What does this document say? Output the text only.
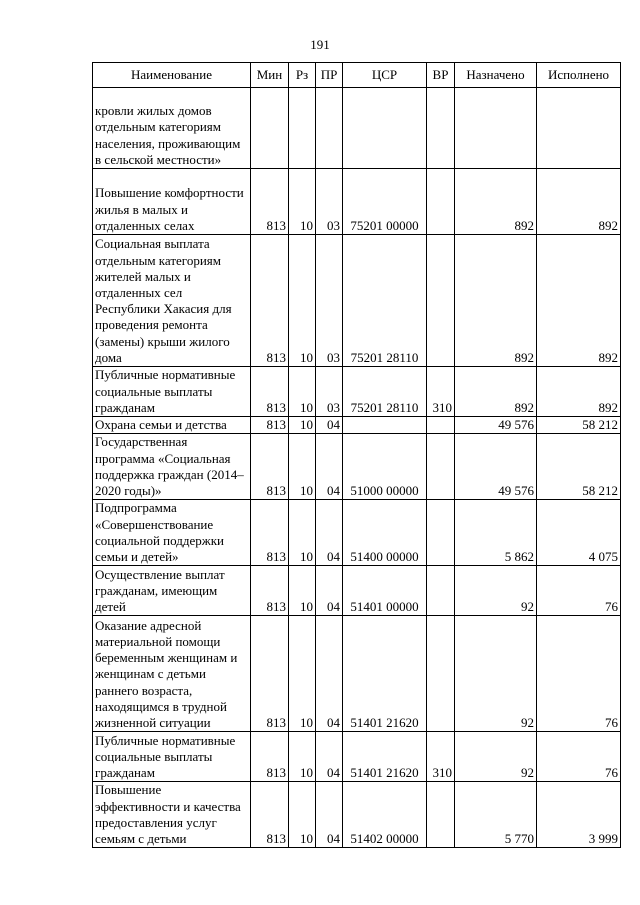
191
Наименование	Мин	Рз	ПР	ЦСР	ВР	Назначено	Исполнено
кровли жилых домов отдельным категориям населения, проживающим в сельской местности»							
Повышение комфортности жилья в малых и отдаленных селах	813	10	03	75201 00000		892	892
Социальная выплата отдельным категориям жителей малых и отдаленных сел Республики Хакасия для проведения ремонта (замены) крыши жилого дома	813	10	03	75201 28110		892	892
Публичные нормативные социальные выплаты гражданам	813	10	03	75201 28110	310	892	892
Охрана семьи и детства	813	10	04			49 576	58 212
Государственная программа «Социальная поддержка граждан (2014–2020 годы)»	813	10	04	51000 00000		49 576	58 212
Подпрограмма «Совершенствование социальной поддержки семьи и детей»	813	10	04	51400 00000		5 862	4 075
Осуществление выплат гражданам, имеющим детей	813	10	04	51401 00000		92	76
Оказание адресной материальной помощи беременным женщинам и женщинам с детьми раннего возраста, находящимся в трудной жизненной ситуации	813	10	04	51401 21620		92	76
Публичные нормативные социальные выплаты гражданам	813	10	04	51401 21620	310	92	76
Повышение эффективности и качества предоставления услуг семьям с детьми	813	10	04	51402 00000		5 770	3 999
